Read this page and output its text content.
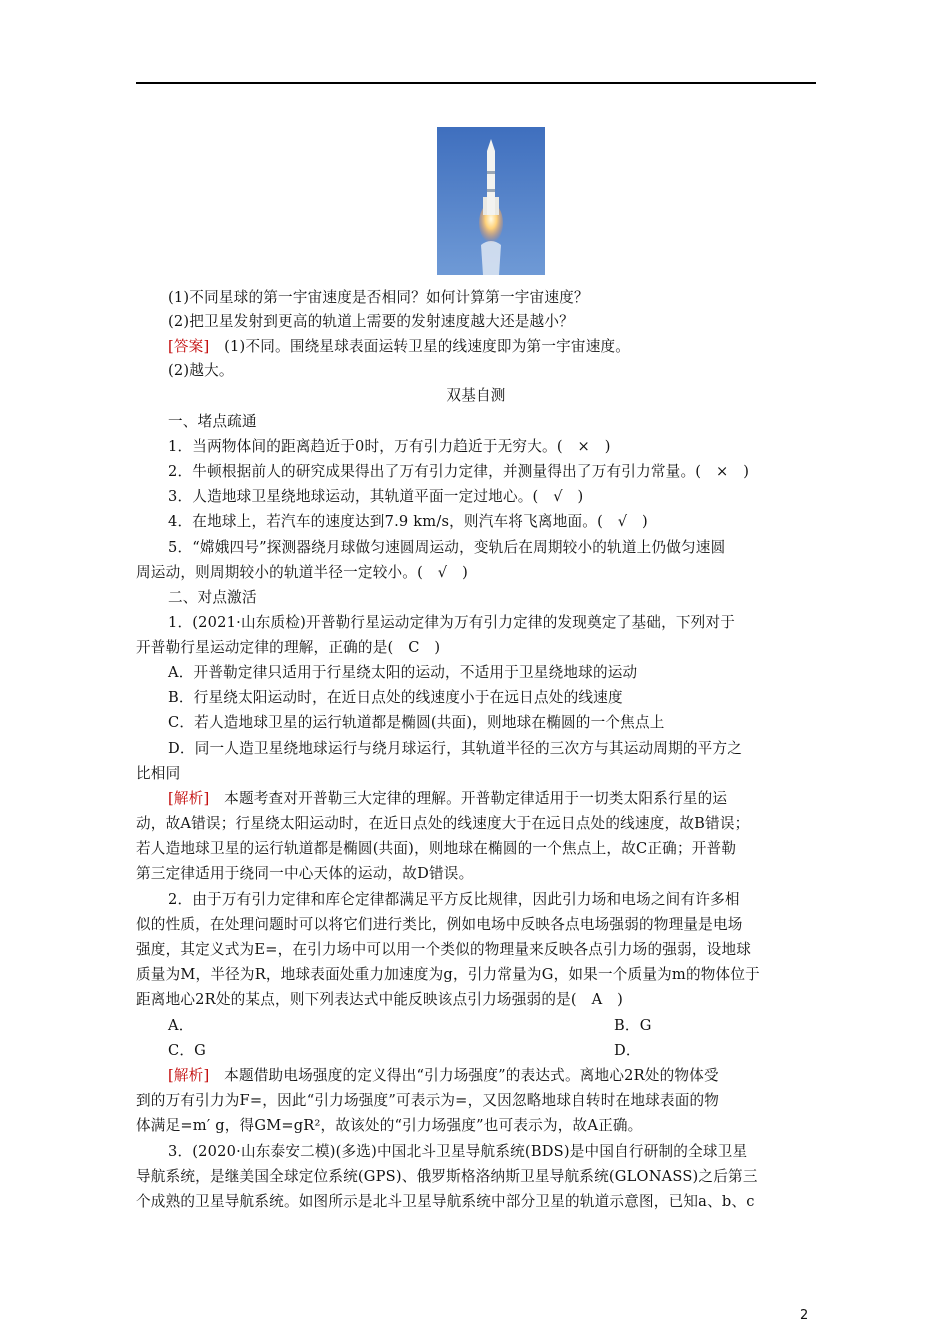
(1)不同星球的第一宇宙速度是否相同？如何计算第一宇宙速度？
(2)把卫星发射到更高的轨道上需要的发射速度越大还是越小？
[答案]　(1)不同。围绕星球表面运转卫星的线速度即为第一宇宙速度。
(2)越大。
双基自测
一、堵点疏通
1．当两物体间的距离趋近于0时，万有引力趋近于无穷大。(　×　)
2．牛顿根据前人的研究成果得出了万有引力定律，并测量得出了万有引力常量。(　×　)
3．人造地球卫星绕地球运动，其轨道平面一定过地心。(　√　)
4．在地球上，若汽车的速度达到7.9 km/s，则汽车将飞离地面。(　√　)
5．“嫦娥四号”探测器绕月球做匀速圆周运动，变轨后在周期较小的轨道上仍做匀速圆
周运动，则周期较小的轨道半径一定较小。(　√　)
二、对点激活
1．(2021·山东质检)开普勒行星运动定律为万有引力定律的发现奠定了基础，下列对于
开普勒行星运动定律的理解，正确的是(　C　)
A．开普勒定律只适用于行星绕太阳的运动，不适用于卫星绕地球的运动
B．行星绕太阳运动时，在近日点处的线速度小于在远日点处的线速度
C．若人造地球卫星的运行轨道都是椭圆(共面)，则地球在椭圆的一个焦点上
D．同一人造卫星绕地球运行与绕月球运行，其轨道半径的三次方与其运动周期的平方之
比相同
[解析]　本题考查对开普勒三大定律的理解。开普勒定律适用于一切类太阳系行星的运
动，故A错误；行星绕太阳运动时，在近日点处的线速度大于在远日点处的线速度，故B错误；
若人造地球卫星的运行轨道都是椭圆(共面)，则地球在椭圆的一个焦点上，故C正确；开普勒
第三定律适用于绕同一中心天体的运动，故D错误。
2．由于万有引力定律和库仑定律都满足平方反比规律，因此引力场和电场之间有许多相
似的性质，在处理问题时可以将它们进行类比，例如电场中反映各点电场强弱的物理量是电场
强度，其定义式为E=，在引力场中可以用一个类似的物理量来反映各点引力场的强弱，设地球
质量为M，半径为R，地球表面处重力加速度为g，引力常量为G，如果一个质量为m的物体位于
距离地心2R处的某点，则下列表达式中能反映该点引力场强弱的是(　A　)
A．	B．G
C．G	D．
[解析]　本题借助电场强度的定义得出“引力场强度”的表达式。离地心2R处的物体受
到的万有引力为F=，因此“引力场强度”可表示为=，又因忽略地球自转时在地球表面的物
体满足=m′ g，得GM=gR²，故该处的“引力场强度”也可表示为，故A正确。
3．(2020·山东泰安二模)(多选)中国北斗卫星导航系统(BDS)是中国自行研制的全球卫星
导航系统，是继美国全球定位系统(GPS)、俄罗斯格洛纳斯卫星导航系统(GLONASS)之后第三
个成熟的卫星导航系统。如图所示是北斗卫星导航系统中部分卫星的轨道示意图，已知a、b、c
2
